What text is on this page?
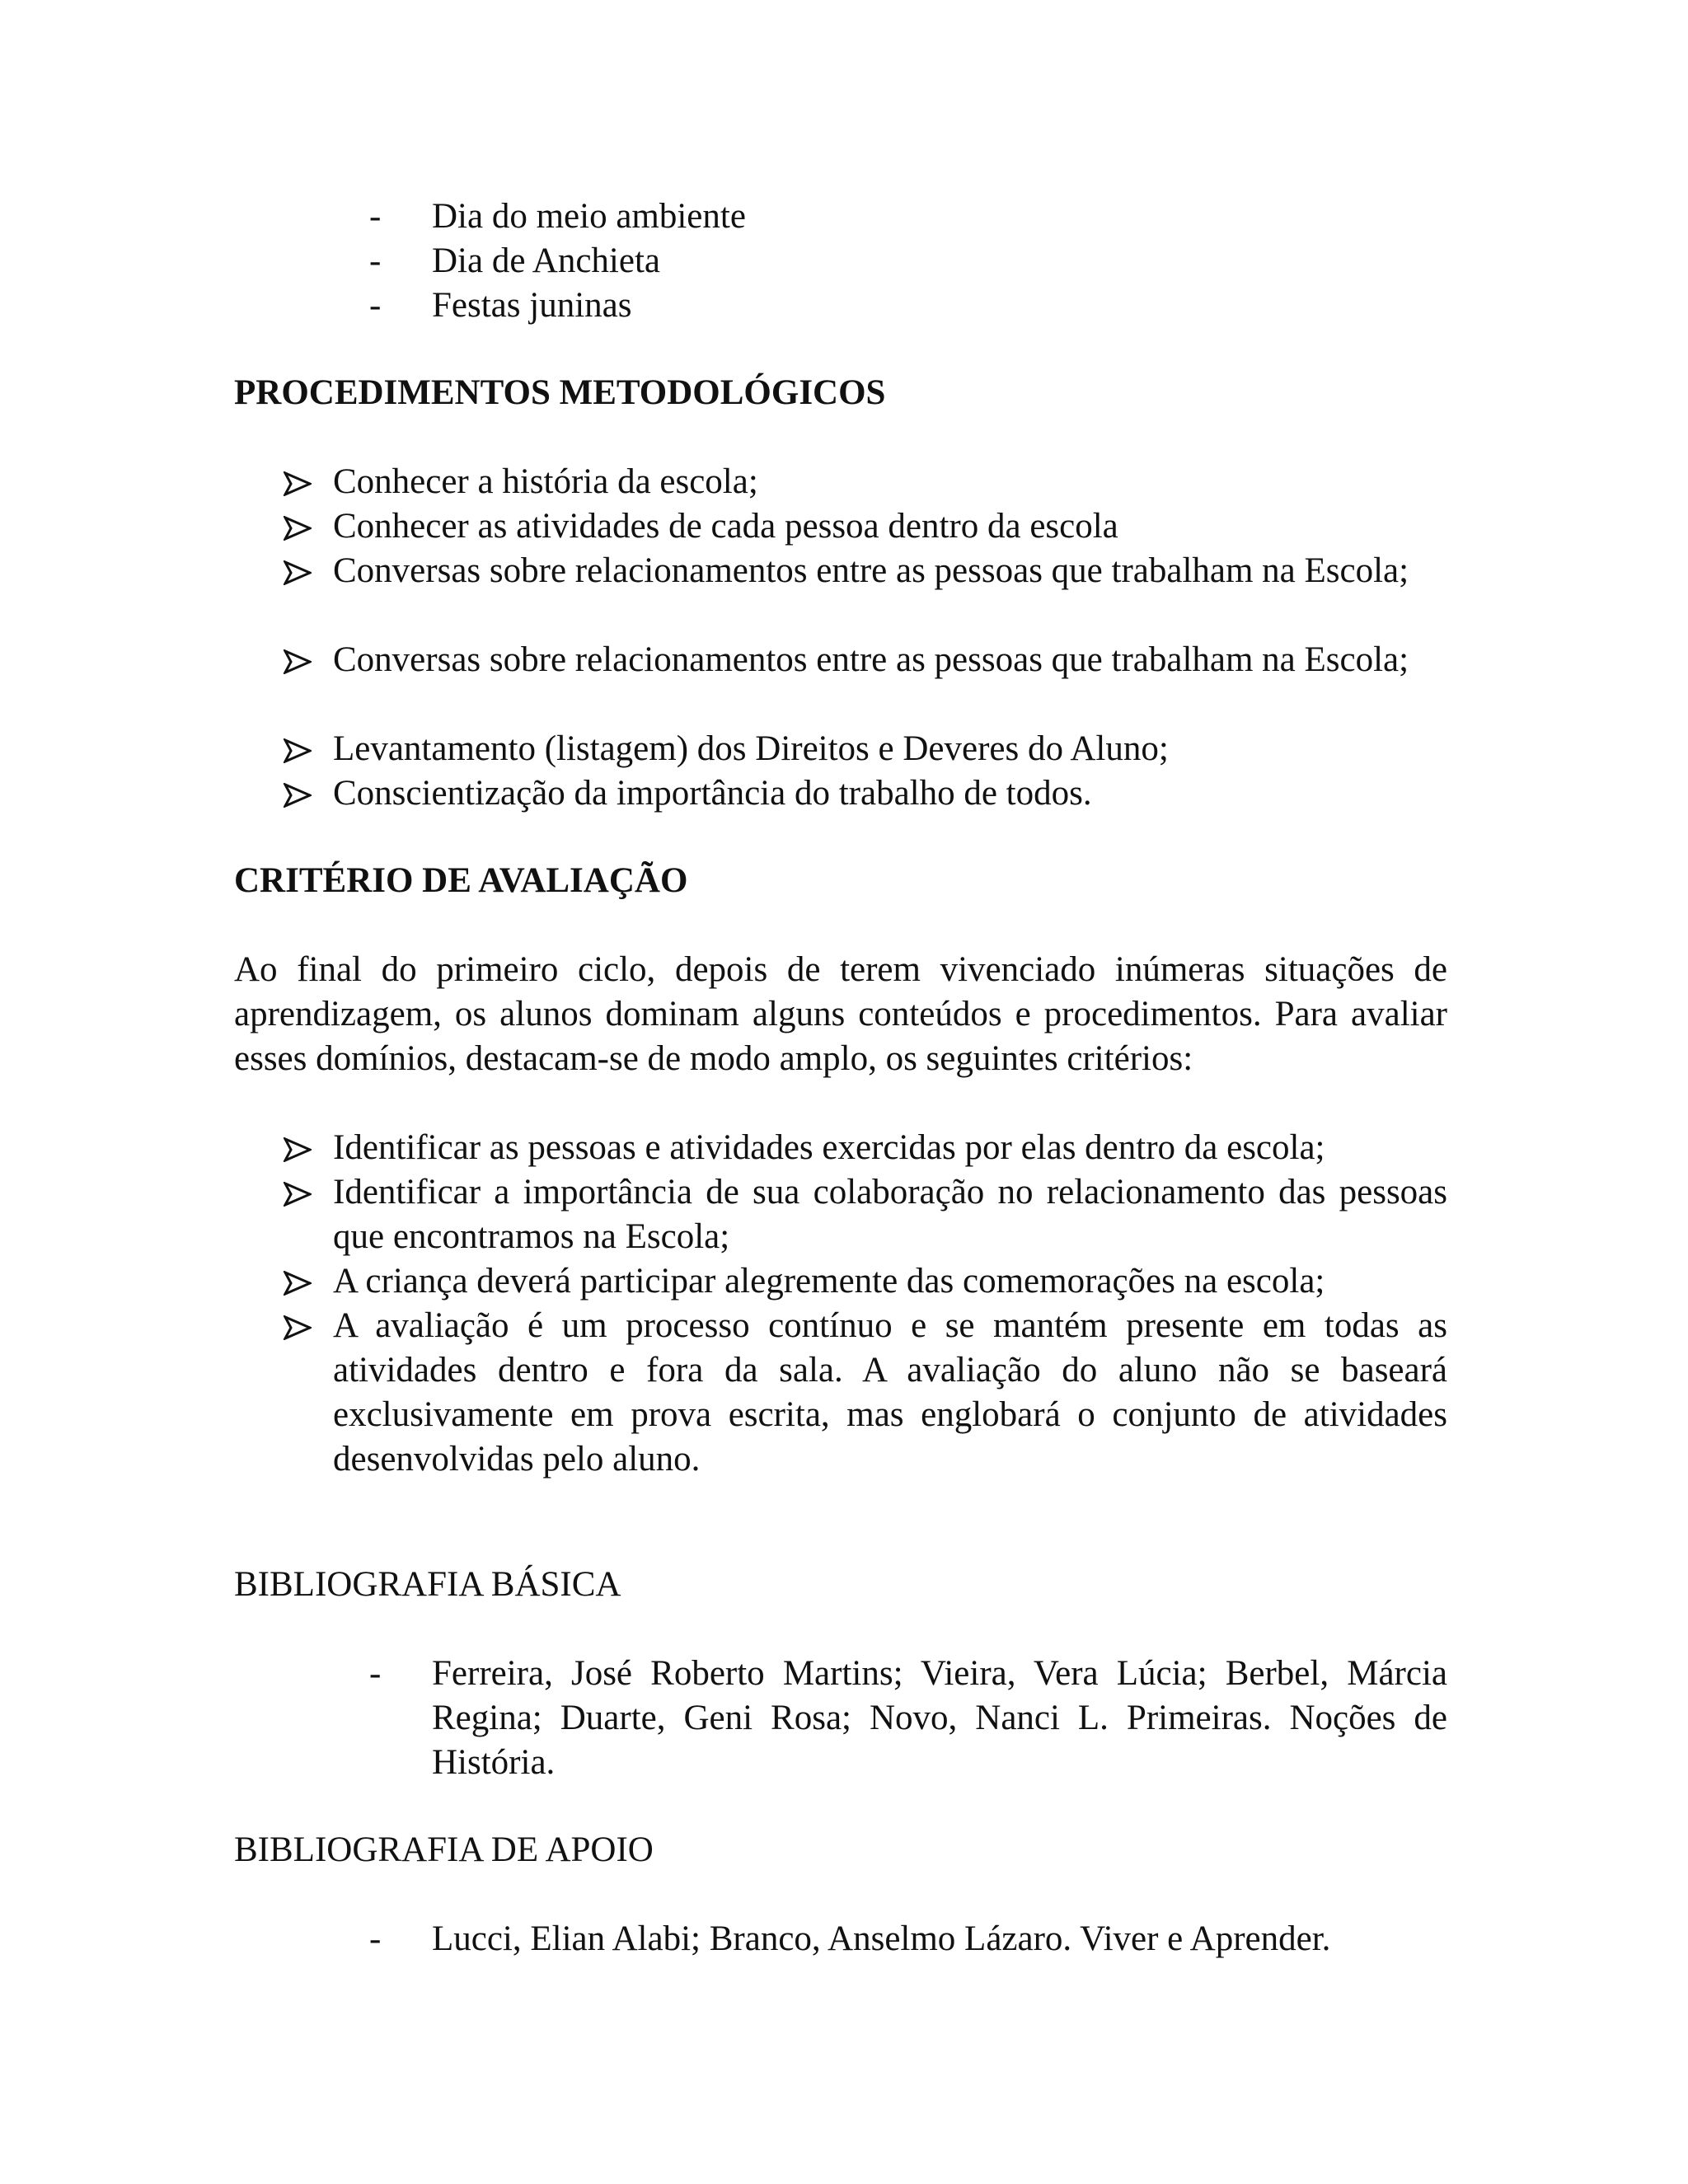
-	Dia do meio ambiente
-	Dia de Anchieta
-	Festas juninas
PROCEDIMENTOS METODOLÓGICOS
Conhecer a história da escola;
Conhecer as atividades de cada pessoa dentro da escola
Conversas sobre relacionamentos entre as pessoas que trabalham na Escola;
Conversas sobre relacionamentos entre as pessoas que trabalham na Escola;
Levantamento (listagem) dos Direitos e Deveres do Aluno;
Conscientização da importância do trabalho de todos.
CRITÉRIO DE AVALIAÇÃO

Ao final do primeiro ciclo, depois de terem vivenciado inúmeras situações de aprendizagem, os alunos dominam alguns conteúdos e procedimentos. Para avaliar esses domínios, destacam-se de modo amplo, os seguintes critérios:

Identificar as pessoas e atividades exercidas por elas dentro da escola;
Identificar a importância de sua colaboração no relacionamento das pessoas que encontramos na Escola;
A criança deverá participar alegremente das comemorações na escola;
A avaliação é um processo contínuo e se mantém presente em todas as atividades dentro e fora da sala. A avaliação do aluno não se baseará exclusivamente em prova escrita, mas englobará o conjunto de atividades desenvolvidas pelo aluno.
BIBLIOGRAFIA BÁSICA
-	Ferreira, José Roberto Martins; Vieira, Vera Lúcia; Berbel, Márcia Regina; Duarte, Geni Rosa; Novo, Nanci L. Primeiras. Noções de História.
BIBLIOGRAFIA DE APOIO
-	Lucci, Elian Alabi; Branco, Anselmo Lázaro. Viver e Aprender.
